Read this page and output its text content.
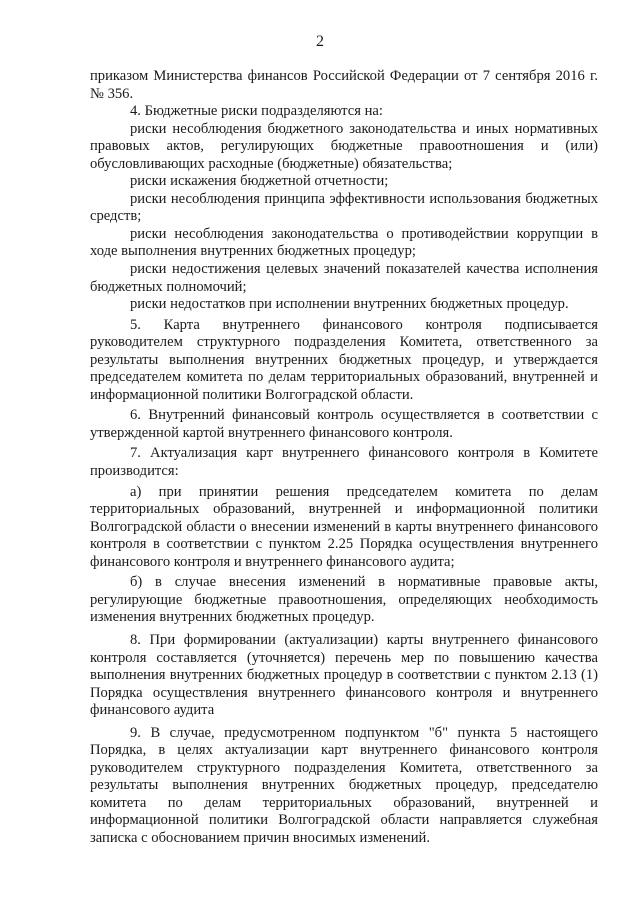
2

приказом Министерства финансов Российской Федерации от 7 сентября 2016 г. № 356.

4. Бюджетные риски подразделяются на:

риски несоблюдения бюджетного законодательства и иных нормативных правовых актов, регулирующих бюджетные правоотношения и (или) обусловливающих расходные (бюджетные) обязательства;

риски искажения бюджетной отчетности;

риски несоблюдения принципа эффективности использования бюджетных средств;

риски несоблюдения законодательства о противодействии коррупции в ходе выполнения внутренних бюджетных процедур;

риски недостижения целевых значений показателей качества исполнения бюджетных полномочий;

риски недостатков при исполнении внутренних бюджетных процедур.

5. Карта внутреннего финансового контроля подписывается руководителем структурного подразделения Комитета, ответственного за результаты выполнения внутренних бюджетных процедур, и утверждается председателем комитета по делам территориальных образований, внутренней и информационной политики Волгоградской области.

6. Внутренний финансовый контроль осуществляется в соответствии с утвержденной картой внутреннего финансового контроля.

7. Актуализация карт внутреннего финансового контроля в Комитете производится:

а) при принятии решения председателем комитета по делам территориальных образований, внутренней и информационной политики Волгоградской области о внесении изменений в карты внутреннего финансового контроля в соответствии с пунктом 2.25 Порядка осуществления внутреннего финансового контроля и внутреннего финансового аудита;

б) в случае внесения изменений в нормативные правовые акты, регулирующие бюджетные правоотношения, определяющих необходимость изменения внутренних бюджетных процедур.

8. При формировании (актуализации) карты внутреннего финансового контроля составляется (уточняется) перечень мер по повышению качества выполнения внутренних бюджетных процедур в соответствии с пунктом 2.13 (1) Порядка осуществления внутреннего финансового контроля и внутреннего финансового аудита

9. В случае, предусмотренном подпунктом "б" пункта 5 настоящего Порядка, в целях актуализации карт внутреннего финансового контроля руководителем структурного подразделения Комитета, ответственного за результаты выполнения внутренних бюджетных процедур, председателю комитета по делам территориальных образований, внутренней и информационной политики Волгоградской области направляется служебная записка с обоснованием причин вносимых изменений.
